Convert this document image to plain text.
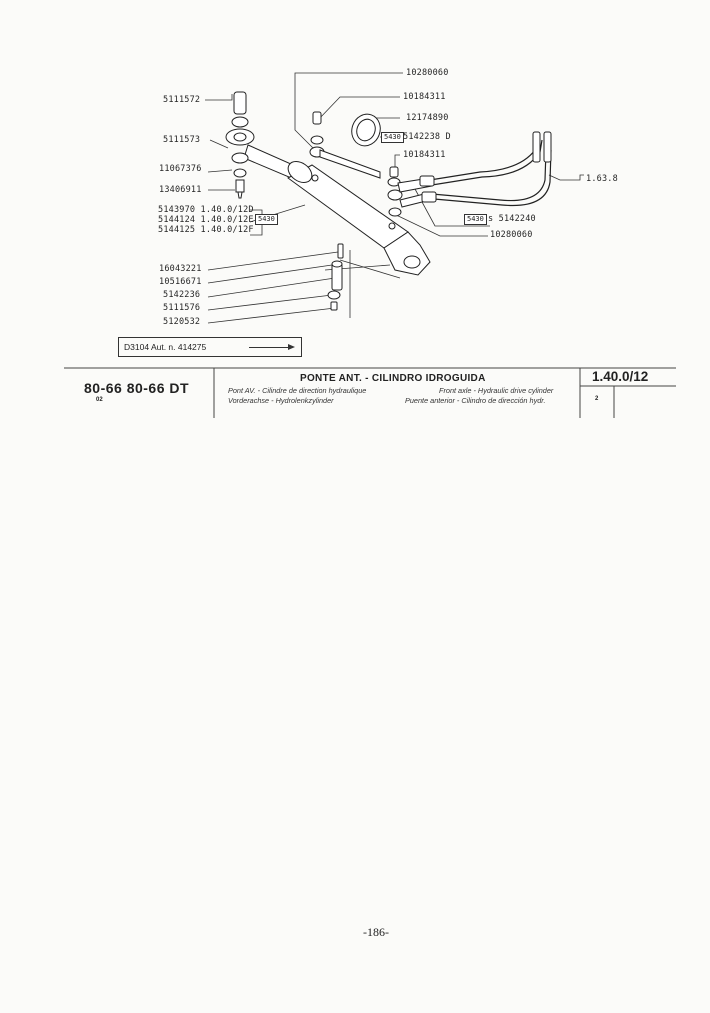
10280060
5111572	10184311
12174890
5111573	5430 5142238 D
10184311
11067376
13406911
5143970 1.40.0/12D
5144124 1.40.0/12E 5430
5144125 1.40.0/12F
1.63.8
5430 s 5142240
10280060
16043221
10516671
5142236
5111576
5120532
D3104 Aut. n. 414275
80-66 80-66 DT
02
PONTE ANT. - CILINDRO IDROGUIDA
Pont AV. - Cilindre de direction hydraulique	Front axle - Hydraulic drive cylinder
Vorderachse - Hydrolenkzylinder	Puente anterior - Cilindro de dirección hydr.
1.40.0/12
2
-186-
